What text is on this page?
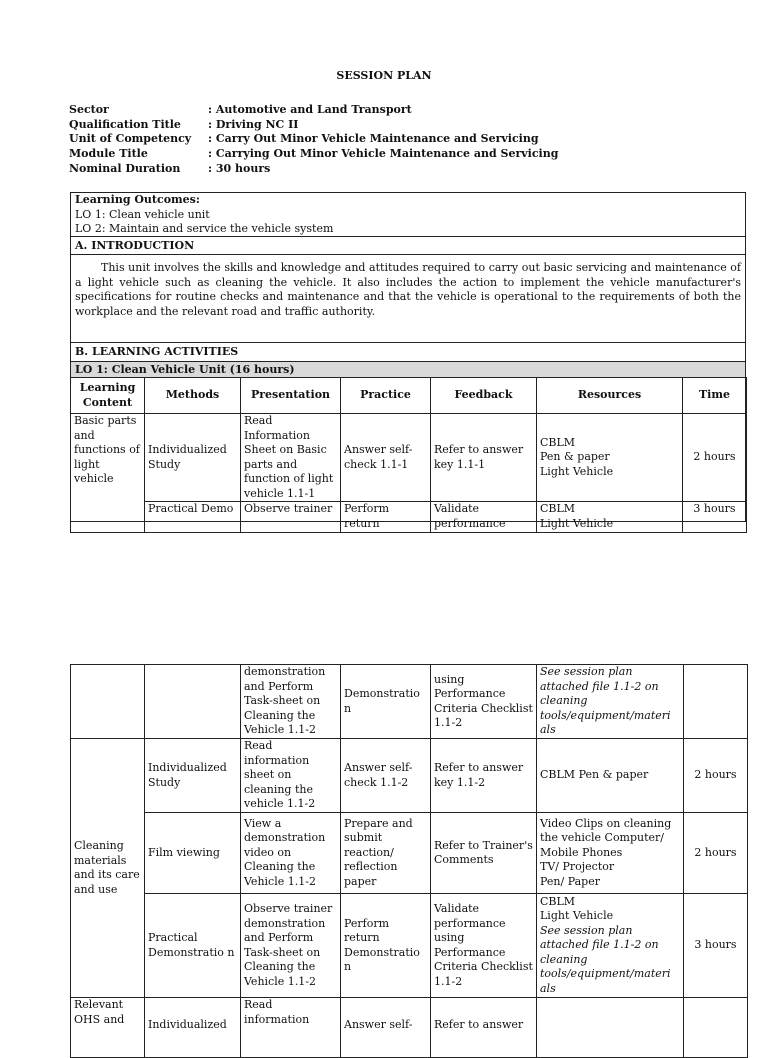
SESSION PLAN
Sector	: Automotive and Land Transport
Qualification Title	: Driving NC II
Unit of Competency	: Carry Out Minor Vehicle Maintenance and Servicing
Module Title	: Carrying Out Minor Vehicle Maintenance and Servicing
Nominal Duration	: 30 hours
Learning Outcomes:
LO 1: Clean vehicle unit
LO 2: Maintain and service the vehicle system
A. INTRODUCTION

This unit involves the skills and knowledge and attitudes required to carry out basic servicing and maintenance of a light vehicle such as cleaning the vehicle. It also includes the action to implement the vehicle manufacturer's specifications for routine checks and maintenance and that the vehicle is operational to the requirements of both the workplace and the relevant road and traffic authority.

B. LEARNING ACTIVITIES
LO 1: Clean Vehicle Unit (16 hours)
Learning Content	Methods	Presentation	Practice	Feedback	Resources	Time
Basic parts and functions of light vehicle	Individualized Study	Read Information Sheet on Basic parts and function of light vehicle 1.1-1	Answer self-check 1.1-1	Refer to answer key 1.1-1	CBLM
Pen & paper
Light Vehicle	2 hours
	Practical Demo	Observe trainer	Perform return	Validate performance	CBLM
Light Vehicle	3 hours
		demonstration and Perform Task-sheet on Cleaning the Vehicle 1.1-2	Demonstratio n	using Performance Criteria Checklist 1.1-2	See session plan attached file 1.1-2 on cleaning tools/equipment/materi als	
Cleaning materials and its care and use	Individualized Study	Read information sheet on cleaning the vehicle 1.1-2	Answer self-check 1.1-2	Refer to answer key 1.1-2	CBLM Pen & paper	2 hours
	Film viewing	View a demonstration video on Cleaning the Vehicle 1.1-2	Prepare and submit reaction/ reflection paper	Refer to Trainer's Comments	Video Clips on cleaning the vehicle Computer/ Mobile Phones
TV/ Projector
Pen/ Paper	2 hours
	Practical Demonstratio n	Observe trainer demonstration and Perform Task-sheet on Cleaning the Vehicle 1.1-2	Perform return Demonstratio n	Validate performance using Performance Criteria Checklist 1.1-2	CBLM
Light Vehicle
See session plan attached file 1.1-2 on cleaning tools/equipment/materi als	3 hours
Relevant OHS and	Individualized	Read information	Answer self-	Refer to answer		
